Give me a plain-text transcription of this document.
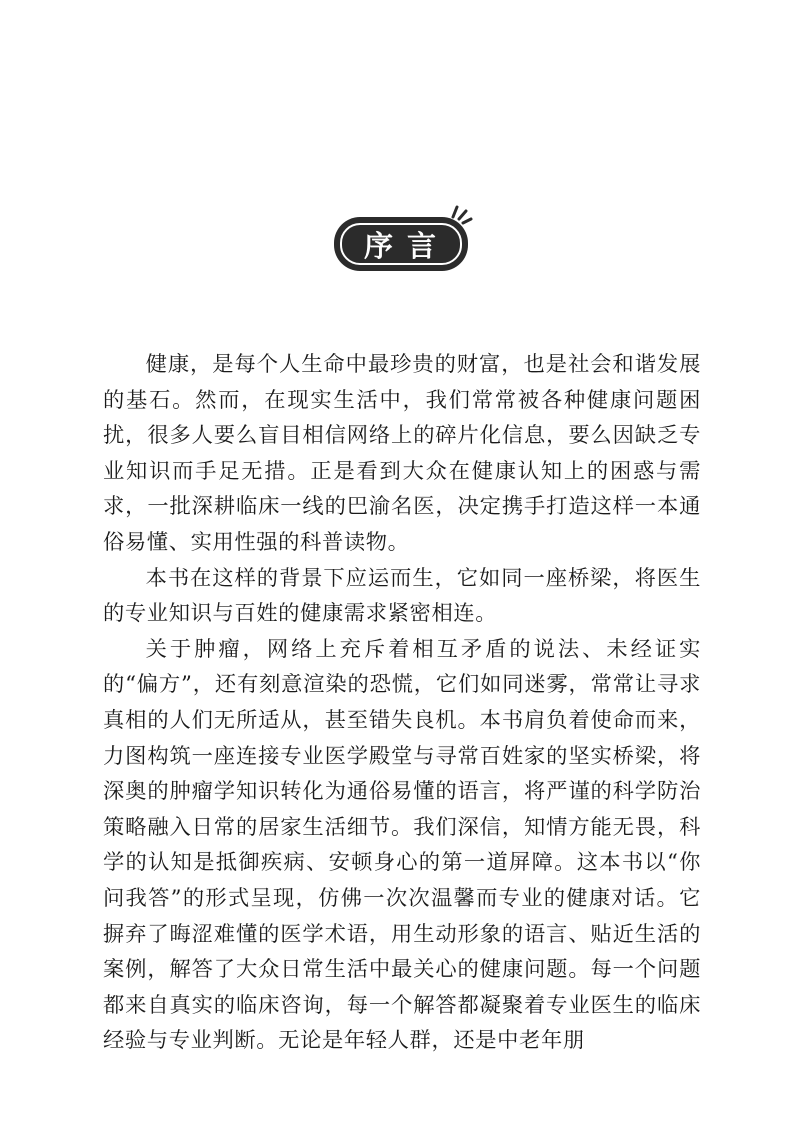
序言

健康，是每个人生命中最珍贵的财富，也是社会和谐发展的基石。然而，在现实生活中，我们常常被各种健康问题困扰，很多人要么盲目相信网络上的碎片化信息，要么因缺乏专业知识而手足无措。正是看到大众在健康认知上的困惑与需求，一批深耕临床一线的巴渝名医，决定携手打造这样一本通俗易懂、实用性强的科普读物。

本书在这样的背景下应运而生，它如同一座桥梁，将医生的专业知识与百姓的健康需求紧密相连。

关于肿瘤，网络上充斥着相互矛盾的说法、未经证实的“偏方”，还有刻意渲染的恐慌，它们如同迷雾，常常让寻求真相的人们无所适从，甚至错失良机。本书肩负着使命而来，力图构筑一座连接专业医学殿堂与寻常百姓家的坚实桥梁，将深奥的肿瘤学知识转化为通俗易懂的语言，将严谨的科学防治策略融入日常的居家生活细节。我们深信，知情方能无畏，科学的认知是抵御疾病、安顿身心的第一道屏障。这本书以“你问我答”的形式呈现，仿佛一次次温馨而专业的健康对话。它摒弃了晦涩难懂的医学术语，用生动形象的语言、贴近生活的案例，解答了大众日常生活中最关心的健康问题。每一个问题都来自真实的临床咨询，每一个解答都凝聚着专业医生的临床经验与专业判断。无论是年轻人群，还是中老年朋
